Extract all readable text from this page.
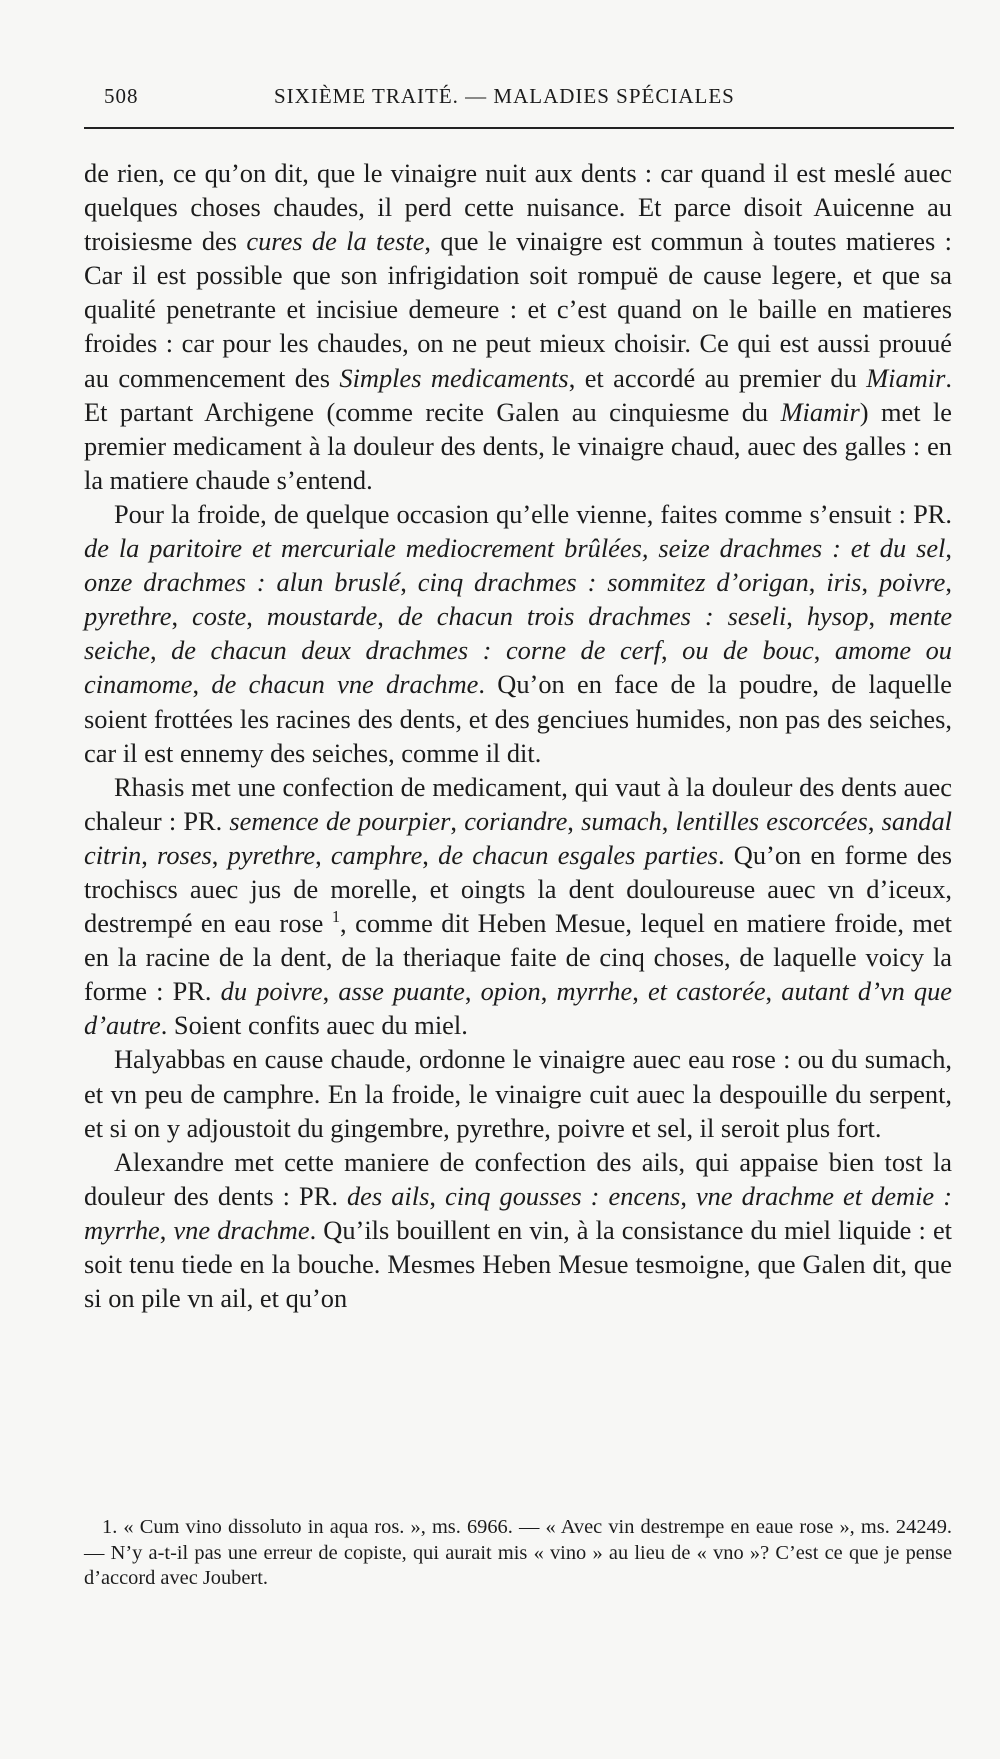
508	SIXIÈME TRAITÉ. — MALADIES SPÉCIALES

de rien, ce qu’on dit, que le vinaigre nuit aux dents : car quand il est meslé auec quelques choses chaudes, il perd cette nuisance. Et parce disoit Auicenne au troisiesme des cures de la teste, que le vinaigre est commun à toutes matieres : Car il est possible que son infrigidation soit rompuë de cause legere, et que sa qualité penetrante et incisiue demeure : et c’est quand on le baille en matieres froides : car pour les chaudes, on ne peut mieux choisir. Ce qui est aussi prouué au commencement des Simples medicaments, et accordé au premier du Miamir. Et partant Archigene (comme recite Galen au cinquiesme du Miamir) met le premier medicament à la douleur des dents, le vinaigre chaud, auec des galles : en la matiere chaude s’entend.

Pour la froide, de quelque occasion qu’elle vienne, faites comme s’ensuit : PR. de la paritoire et mercuriale mediocrement brûlées, seize drachmes : et du sel, onze drachmes : alun bruslé, cinq drachmes : sommitez d’origan, iris, poivre, pyrethre, coste, moustarde, de chacun trois drachmes : seseli, hysop, mente seiche, de chacun deux drachmes : corne de cerf, ou de bouc, amome ou cinamome, de chacun vne drachme. Qu’on en face de la poudre, de laquelle soient frottées les racines des dents, et des genciues humides, non pas des seiches, car il est ennemy des seiches, comme il dit.

Rhasis met une confection de medicament, qui vaut à la douleur des dents auec chaleur : PR. semence de pourpier, coriandre, sumach, lentilles escorcées, sandal citrin, roses, pyrethre, camphre, de chacun esgales parties. Qu’on en forme des trochiscs auec jus de morelle, et oingts la dent douloureuse auec vn d’iceux, destrempé en eau rose $^1$, comme dit Heben Mesue, lequel en matiere froide, met en la racine de la dent, de la theriaque faite de cinq choses, de laquelle voicy la forme : PR. du poivre, asse puante, opion, myrrhe, et castorée, autant d’vn que d’autre. Soient confits auec du miel.

Halyabbas en cause chaude, ordonne le vinaigre auec eau rose : ou du sumach, et vn peu de camphre. En la froide, le vinaigre cuit auec la despouille du serpent, et si on y adjoustoit du gingembre, pyrethre, poivre et sel, il seroit plus fort.

Alexandre met cette maniere de confection des ails, qui appaise bien tost la douleur des dents : PR. des ails, cinq gousses : encens, vne drachme et demie : myrrhe, vne drachme. Qu’ils bouillent en vin, à la consistance du miel liquide : et soit tenu tiede en la bouche. Mesmes Heben Mesue tesmoigne, que Galen dit, que si on pile vn ail, et qu’on

1. « Cum vino dissoluto in aqua ros. », ms. 6966. — « Avec vin destrempe en eaue rose », ms. 24249. — N’y a-t-il pas une erreur de copiste, qui aurait mis « vino » au lieu de « vno »? C’est ce que je pense d’accord avec Joubert.
